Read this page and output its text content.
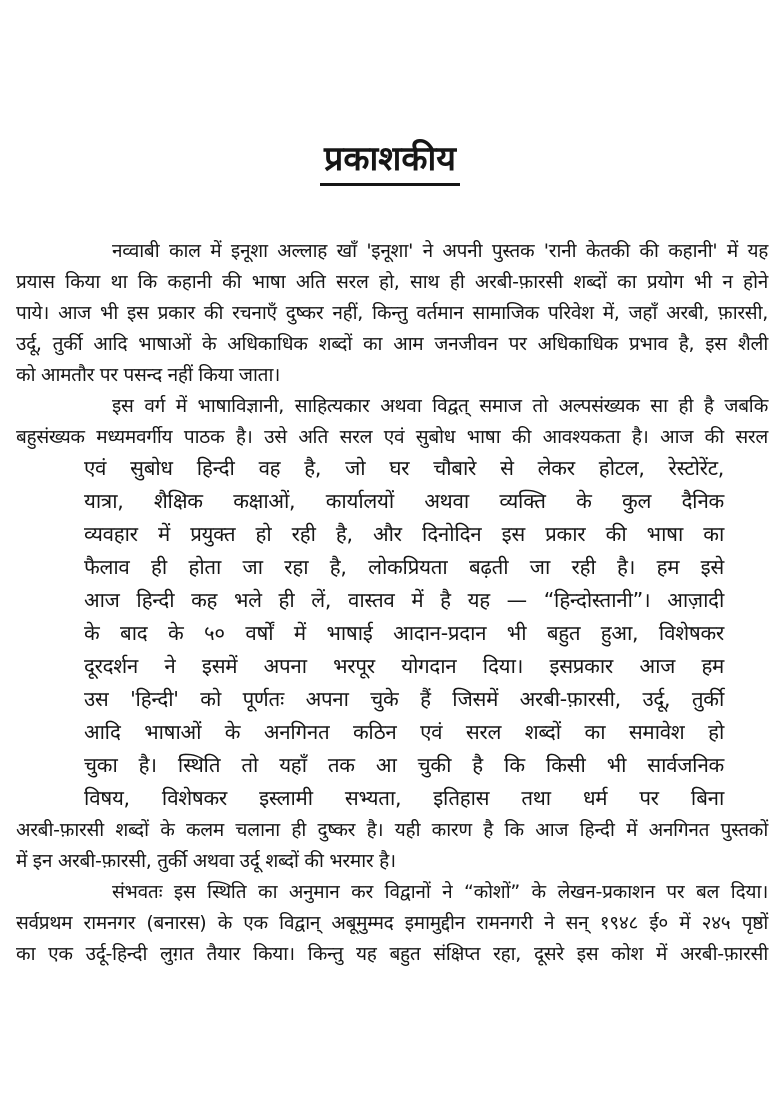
प्रकाशकीय
नव्वाबी काल में इनूशा अल्लाह खाँ 'इनूशा' ने अपनी पुस्तक 'रानी केतकी की कहानी' में यह
प्रयास किया था कि कहानी की भाषा अति सरल हो, साथ ही अरबी-फ़ारसी शब्दों का प्रयोग भी न होने
पाये। आज भी इस प्रकार की रचनाएँ दुष्कर नहीं, किन्तु वर्तमान सामाजिक परिवेश में, जहाँ अरबी, फ़ारसी,
उर्दू, तुर्की आदि भाषाओं के अधिकाधिक शब्दों का आम जनजीवन पर अधिकाधिक प्रभाव है, इस शैली
को आमतौर पर पसन्द नहीं किया जाता।
इस वर्ग में भाषाविज्ञानी, साहित्यकार अथवा विद्वत् समाज तो अल्पसंख्यक सा ही है जबकि
बहुसंख्यक मध्यमवर्गीय पाठक है। उसे अति सरल एवं सुबोध भाषा की आवश्यकता है। आज की सरल
एवं सुबोध हिन्दी वह है, जो घर चौबारे से लेकर होटल, रेस्टोरेंट,
यात्रा, शैक्षिक कक्षाओं, कार्यालयों अथवा व्यक्ति के कुल दैनिक
व्यवहार में प्रयुक्त हो रही है, और दिनोदिन इस प्रकार की भाषा का
फैलाव ही होता जा रहा है, लोकप्रियता बढ़ती जा रही है। हम इसे
आज हिन्दी कह भले ही लें, वास्तव में है यह — “हिन्दोस्तानी”। आज़ादी
के बाद के ५० वर्षों में भाषाई आदान-प्रदान भी बहुत हुआ, विशेषकर
दूरदर्शन ने इसमें अपना भरपूर योगदान दिया। इसप्रकार आज हम
उस 'हिन्दी' को पूर्णतः अपना चुके हैं जिसमें अरबी-फ़ारसी, उर्दू, तुर्की
आदि भाषाओं के अनगिनत कठिन एवं सरल शब्दों का समावेश हो
चुका है। स्थिति तो यहाँ तक आ चुकी है कि किसी भी सार्वजनिक
विषय, विशेषकर इस्लामी सभ्यता, इतिहास तथा धर्म पर बिना
अरबी-फ़ारसी शब्दों के कलम चलाना ही दुष्कर है। यही कारण है कि आज हिन्दी में अनगिनत पुस्तकों
में इन अरबी-फ़ारसी, तुर्की अथवा उर्दू शब्दों की भरमार है।
संभवतः इस स्थिति का अनुमान कर विद्वानों ने “कोशों” के लेखन-प्रकाशन पर बल दिया।
सर्वप्रथम रामनगर (बनारस) के एक विद्वान् अबूमुम्मद इमामुद्दीन रामनगरी ने सन् १९४८ ई० में २४५ पृष्ठों
का एक उर्दू-हिन्दी लुग़त तैयार किया। किन्तु यह बहुत संक्षिप्त रहा, दूसरे इस कोश में अरबी-फ़ारसी
